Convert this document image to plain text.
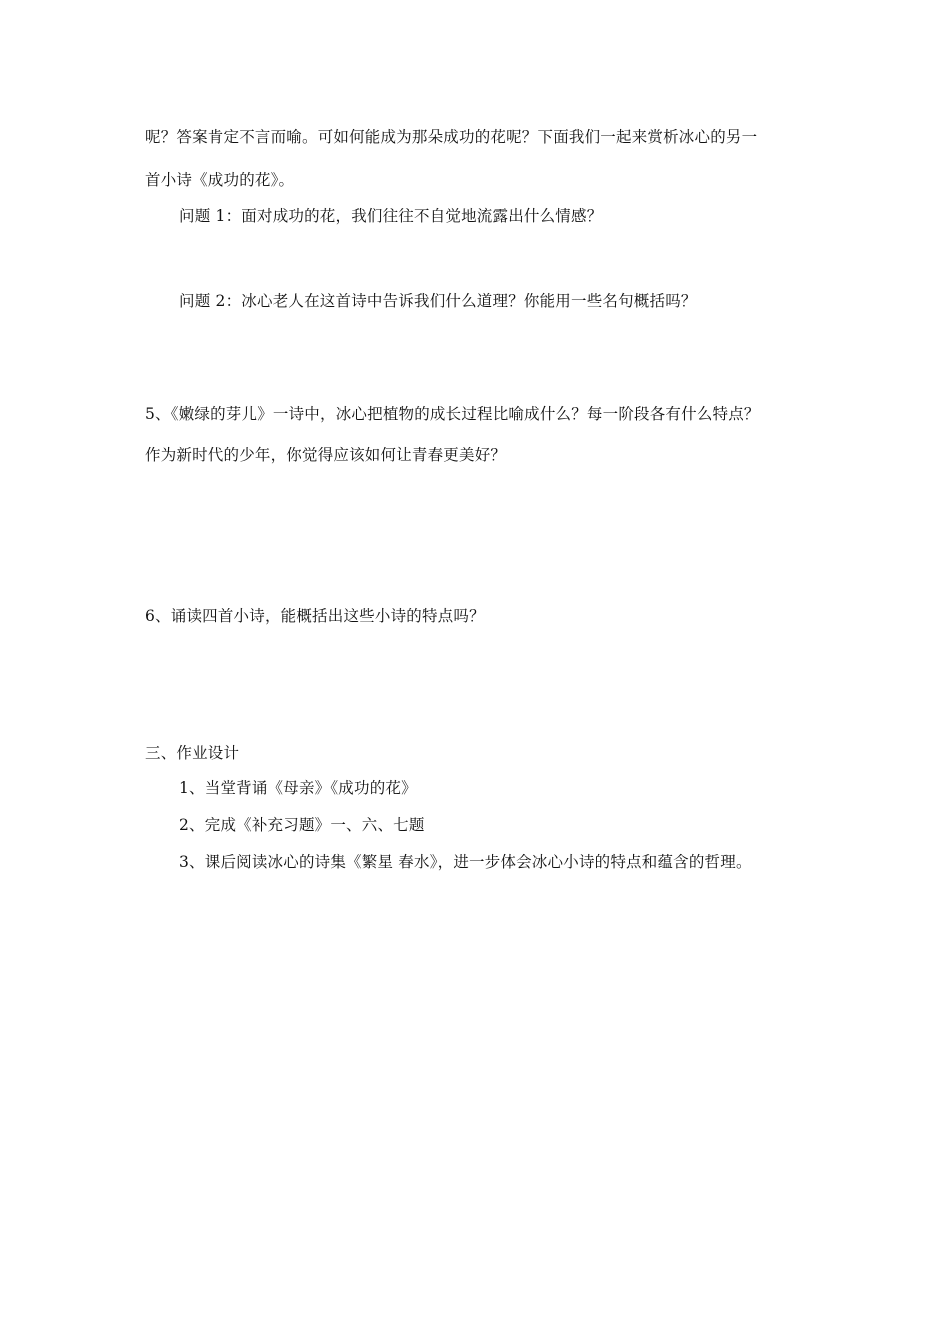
呢？答案肯定不言而喻。可如何能成为那朵成功的花呢？下面我们一起来赏析冰心的另一
首小诗《成功的花》。
问题 1：面对成功的花，我们往往不自觉地流露出什么情感？
问题 2：冰心老人在这首诗中告诉我们什么道理？你能用一些名句概括吗？
5、《嫩绿的芽儿》一诗中，冰心把植物的成长过程比喻成什么？每一阶段各有什么特点？
作为新时代的少年，你觉得应该如何让青春更美好？
6、诵读四首小诗，能概括出这些小诗的特点吗？
三、作业设计
1、当堂背诵《母亲》《成功的花》
2、完成《补充习题》一、六、七题
3、课后阅读冰心的诗集《繁星 春水》，进一步体会冰心小诗的特点和蕴含的哲理。
